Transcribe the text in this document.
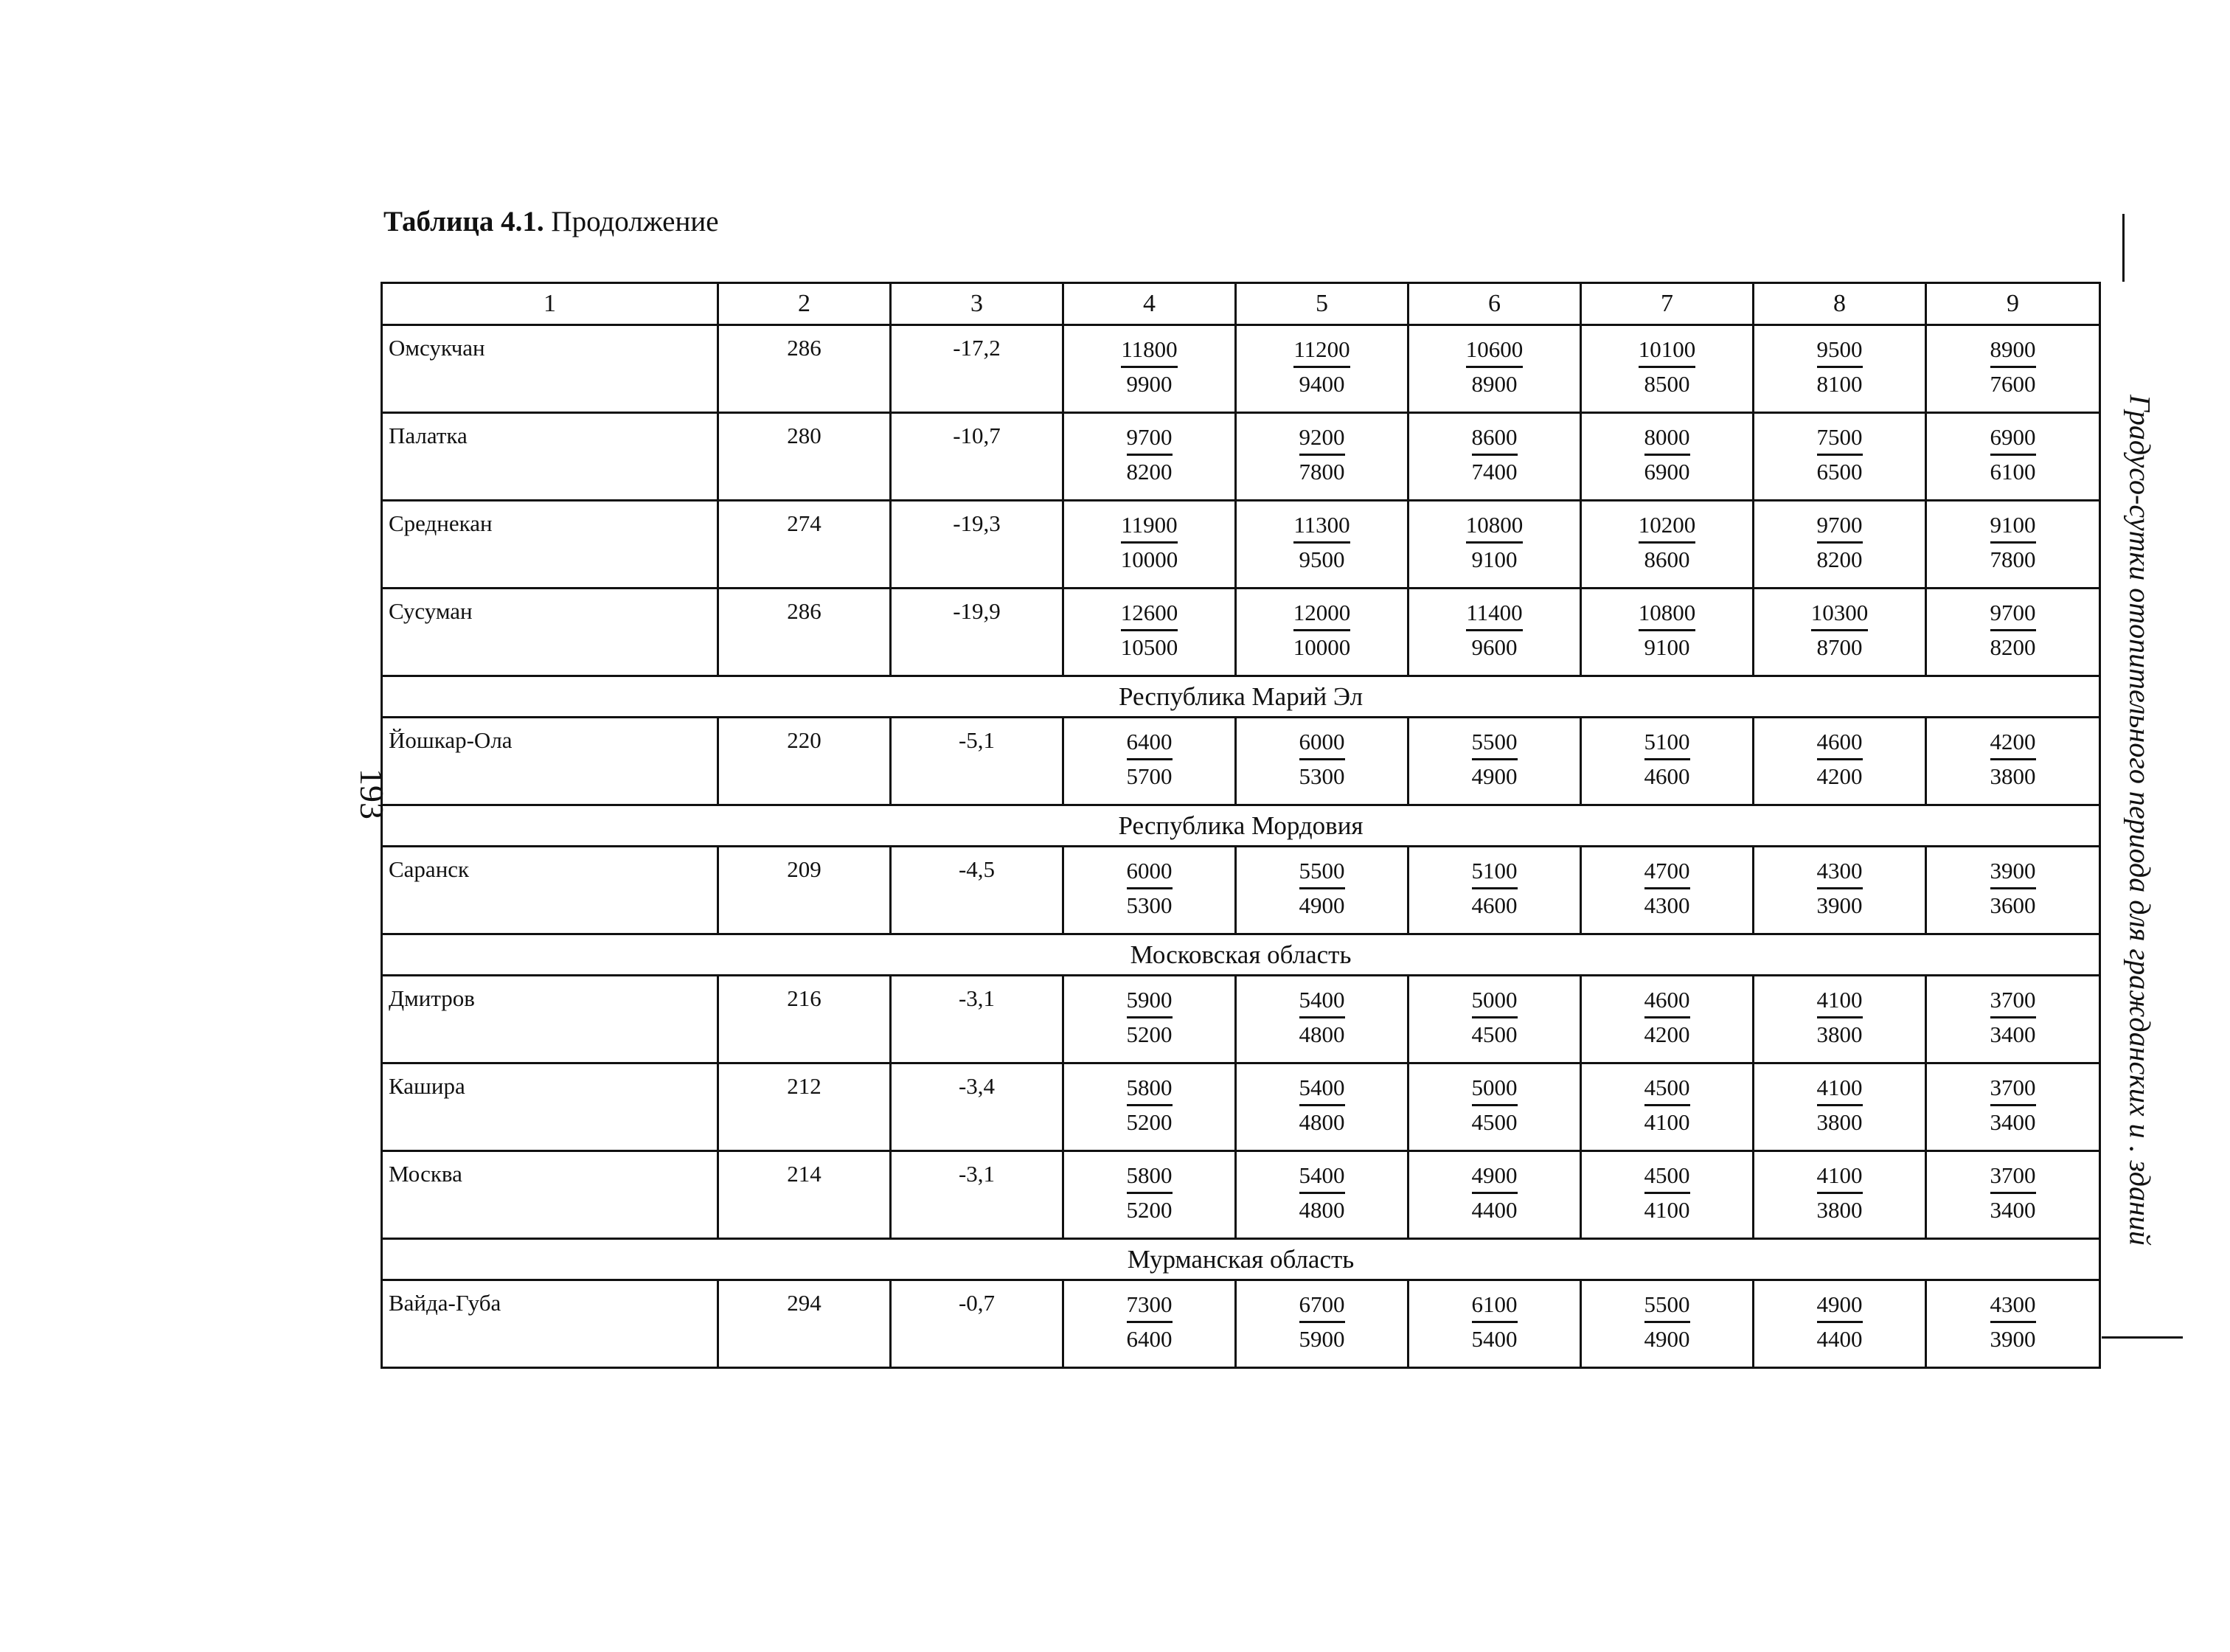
Таблица 4.1. Продолжение
1	2	3	4	5	6	7	8	9
Омсукчан	286	-17,2	$\frac{11800}{9900}$	$\frac{11200}{9400}$	$\frac{10600}{8900}$	$\frac{10100}{8500}$	$\frac{9500}{8100}$	$\frac{8900}{7600}$

Палатка	280	-10,7	$\frac{9700}{8200}$	$\frac{9200}{7800}$	$\frac{8600}{7400}$	$\frac{8000}{6900}$	$\frac{7500}{6500}$	$\frac{6900}{6100}$

Среднекан	274	-19,3	$\frac{11900}{10000}$	$\frac{11300}{9500}$	$\frac{10800}{9100}$	$\frac{10200}{8600}$	$\frac{9700}{8200}$	$\frac{9100}{7800}$

Сусуман	286	-19,9	$\frac{12600}{10500}$	$\frac{12000}{10000}$	$\frac{11400}{9600}$	$\frac{10800}{9100}$	$\frac{10300}{8700}$	$\frac{9700}{8200}$

Республика Марий Эл								
Йошкар-Ола	220	-5,1	$\frac{6400}{5700}$	$\frac{6000}{5300}$	$\frac{5500}{4900}$	$\frac{5100}{4600}$	$\frac{4600}{4200}$	$\frac{4200}{3800}$

Республика Мордовия								
Саранск	209	-4,5	$\frac{6000}{5300}$	$\frac{5500}{4900}$	$\frac{5100}{4600}$	$\frac{4700}{4300}$	$\frac{4300}{3900}$	$\frac{3900}{3600}$

Московская область								
Дмитров	216	-3,1	$\frac{5900}{5200}$	$\frac{5400}{4800}$	$\frac{5000}{4500}$	$\frac{4600}{4200}$	$\frac{4100}{3800}$	$\frac{3700}{3400}$

Кашира	212	-3,4	$\frac{5800}{5200}$	$\frac{5400}{4800}$	$\frac{5000}{4500}$	$\frac{4500}{4100}$	$\frac{4100}{3800}$	$\frac{3700}{3400}$

Москва	214	-3,1	$\frac{5800}{5200}$	$\frac{5400}{4800}$	$\frac{4900}{4400}$	$\frac{4500}{4100}$	$\frac{4100}{3800}$	$\frac{3700}{3400}$

Мурманская область								
Вайда-Губа	294	-0,7	$\frac{7300}{6400}$	$\frac{6700}{5900}$	$\frac{6100}{5400}$	$\frac{5500}{4900}$	$\frac{4900}{4400}$	$\frac{4300}{3900}$
193	Градусо-сутки отопительного периода для гражданских и . зданий
